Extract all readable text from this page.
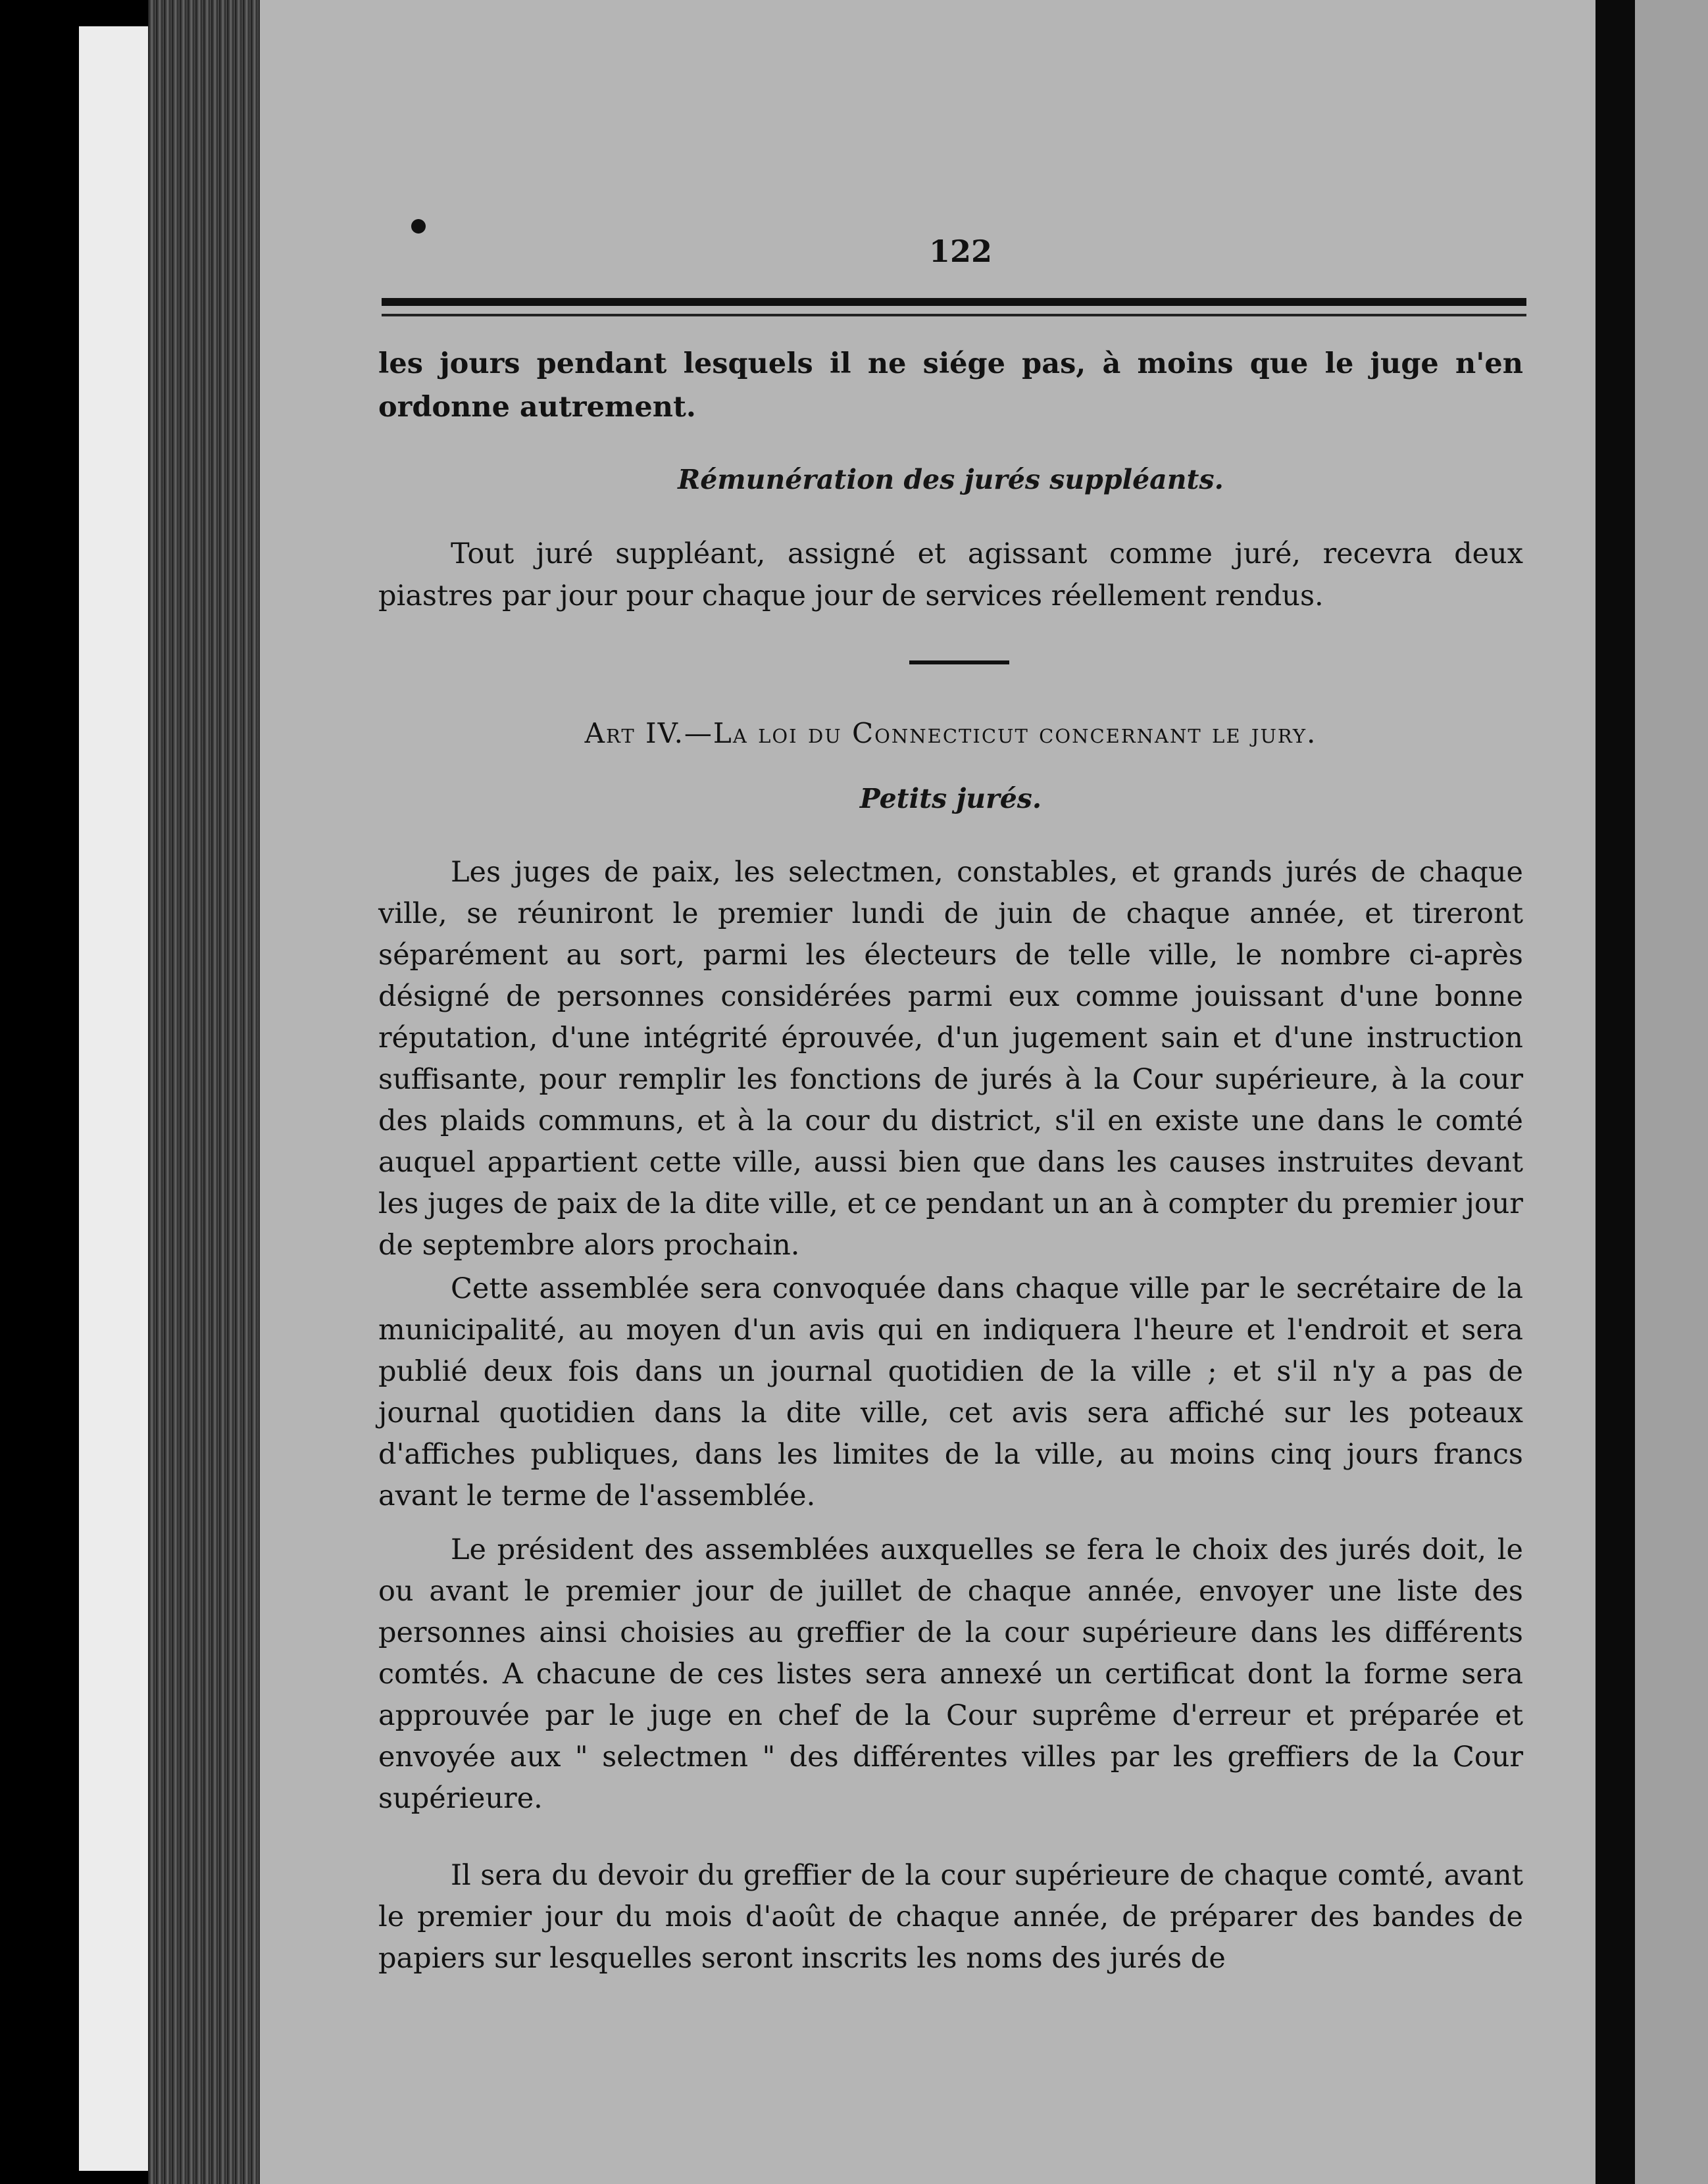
122

les jours pendant lesquels il ne siége pas, à moins que le juge n'en ordonne autrement.

Rémunération des jurés suppléants.

Tout juré suppléant, assigné et agissant comme juré, recevra deux piastres par jour pour chaque jour de services réellement rendus.

Art IV.—La loi du Connecticut concernant le jury.
Petits jurés.

Les juges de paix, les selectmen, constables, et grands jurés de chaque ville, se réuniront le premier lundi de juin de chaque année, et tireront séparément au sort, parmi les électeurs de telle ville, le nombre ci-après désigné de personnes considérées parmi eux comme jouissant d'une bonne réputation, d'une intégrité éprouvée, d'un jugement sain et d'une instruction suffisante, pour remplir les fonctions de jurés à la Cour supérieure, à la cour des plaids communs, et à la cour du district, s'il en existe une dans le comté auquel appartient cette ville, aussi bien que dans les causes instruites devant les juges de paix de la dite ville, et ce pendant un an à compter du premier jour de septembre alors prochain.

Cette assemblée sera convoquée dans chaque ville par le secrétaire de la municipalité, au moyen d'un avis qui en indiquera l'heure et l'endroit et sera publié deux fois dans un journal quotidien de la ville ; et s'il n'y a pas de journal quotidien dans la dite ville, cet avis sera affiché sur les poteaux d'affiches publiques, dans les limites de la ville, au moins cinq jours francs avant le terme de l'assemblée.

Le président des assemblées auxquelles se fera le choix des jurés doit, le ou avant le premier jour de juillet de chaque année, envoyer une liste des personnes ainsi choisies au greffier de la cour supérieure dans les différents comtés. A chacune de ces listes sera annexé un certificat dont la forme sera approuvée par le juge en chef de la Cour suprême d'erreur et préparée et envoyée aux " selectmen " des différentes villes par les greffiers de la Cour supérieure.

Il sera du devoir du greffier de la cour supérieure de chaque comté, avant le premier jour du mois d'août de chaque année, de préparer des bandes de papiers sur lesquelles seront inscrits les noms des jurés de
